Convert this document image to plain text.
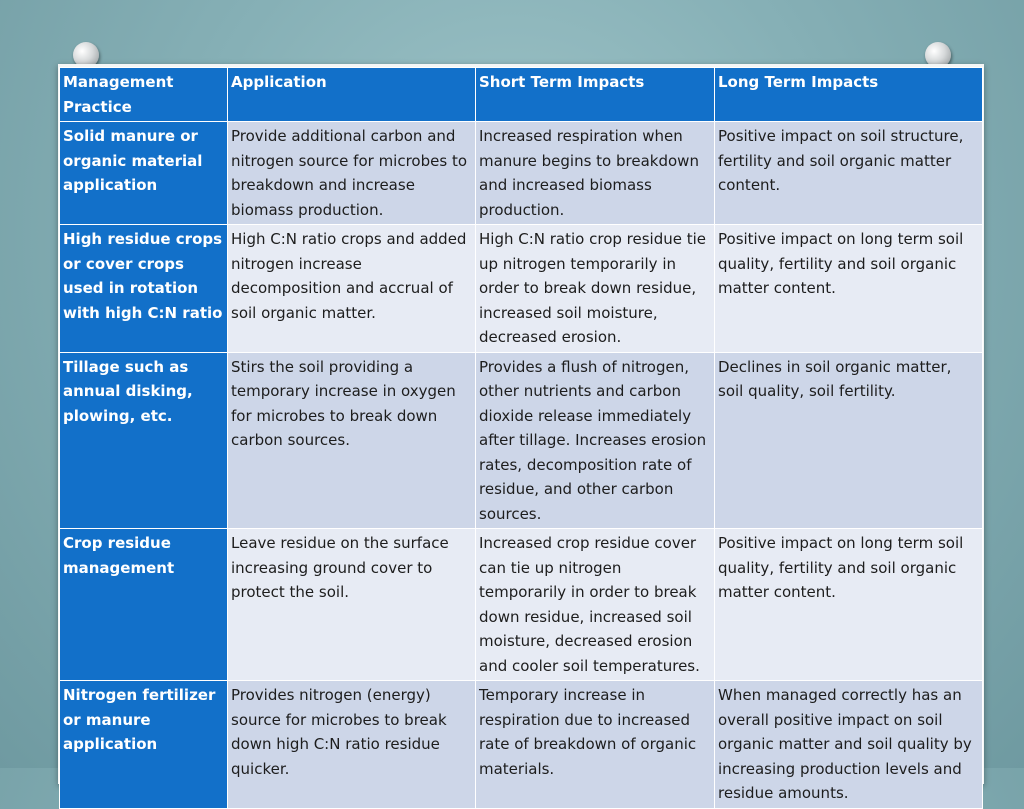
Management Practice	Application	Short Term Impacts	Long Term Impacts
Solid manure or organic material application	Provide additional carbon and nitrogen source for microbes to breakdown and increase biomass production.	Increased respiration when manure begins to breakdown and increased biomass production.	Positive impact on soil structure, fertility and soil organic matter content.
High residue crops or cover crops used in rotation with high C:N ratio	High C:N ratio crops and added nitrogen increase decomposition and accrual of soil organic matter.	High C:N ratio crop residue tie up nitrogen temporarily in order to break down residue, increased soil moisture, decreased erosion.	Positive impact on long term soil quality, fertility and soil organic matter content.
Tillage such as annual disking, plowing, etc.	Stirs the soil providing a temporary increase in oxygen for microbes to break down carbon sources.	Provides a flush of nitrogen, other nutrients and carbon dioxide release immediately after tillage. Increases erosion rates, decomposition rate of residue, and other carbon sources.	Declines in soil organic matter, soil quality, soil fertility.
Crop residue management	Leave residue on the surface increasing ground cover to protect the soil.	Increased crop residue cover can tie up nitrogen temporarily in order to break down residue, increased soil moisture, decreased erosion and cooler soil temperatures.	Positive impact on long term soil quality, fertility and soil organic matter content.
Nitrogen fertilizer or manure application	Provides nitrogen (energy) source for microbes to break down high C:N ratio residue quicker.	Temporary increase in respiration due to increased rate of breakdown of organic materials.	When managed correctly has an overall positive impact on soil organic matter and soil quality by increasing production levels and residue amounts.
